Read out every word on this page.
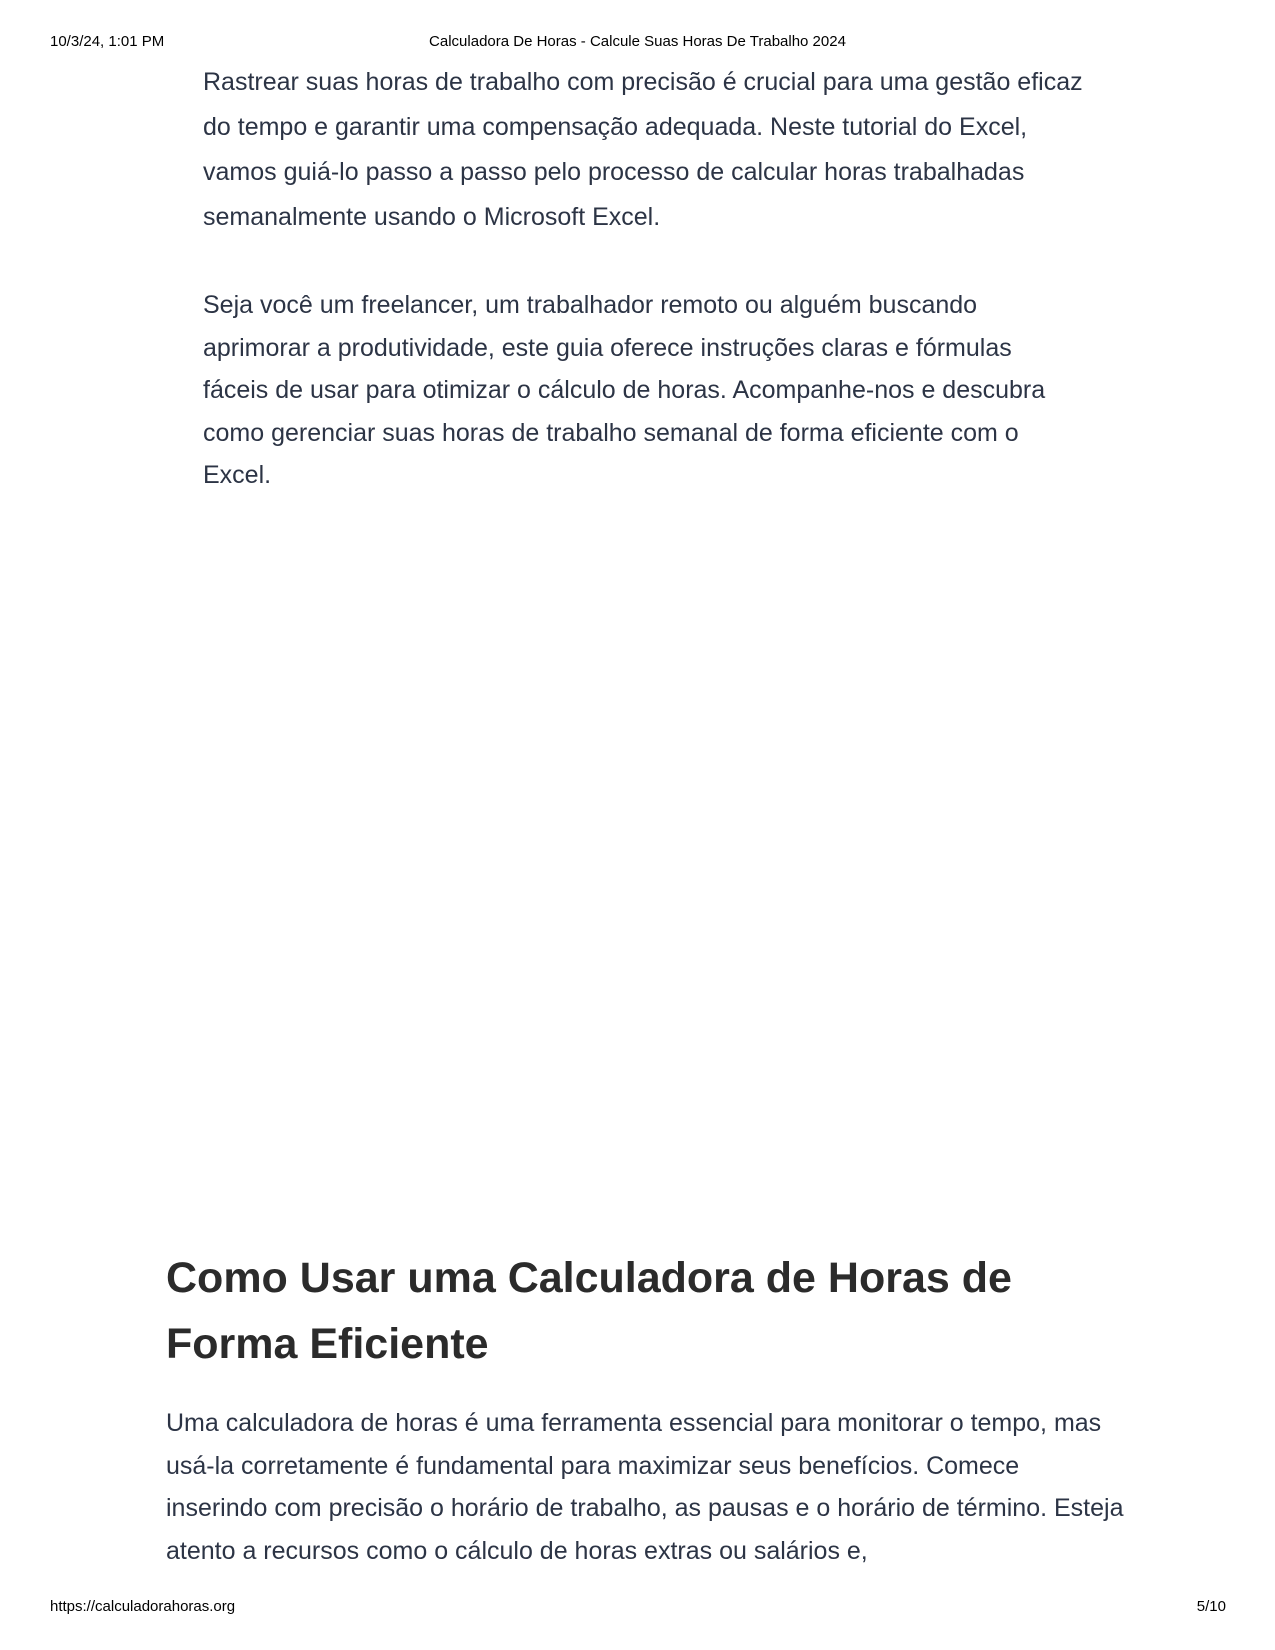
10/3/24, 1:01 PM	Calculadora De Horas - Calcule Suas Horas De Trabalho 2024

Rastrear suas horas de trabalho com precisão é crucial para uma gestão eficaz do tempo e garantir uma compensação adequada. Neste tutorial do Excel, vamos guiá-lo passo a passo pelo processo de calcular horas trabalhadas semanalmente usando o Microsoft Excel.

Seja você um freelancer, um trabalhador remoto ou alguém buscando aprimorar a produtividade, este guia oferece instruções claras e fórmulas fáceis de usar para otimizar o cálculo de horas. Acompanhe-nos e descubra como gerenciar suas horas de trabalho semanal de forma eficiente com o Excel.

Como Usar uma Calculadora de Horas de Forma Eficiente

Uma calculadora de horas é uma ferramenta essencial para monitorar o tempo, mas usá-la corretamente é fundamental para maximizar seus benefícios. Comece inserindo com precisão o horário de trabalho, as pausas e o horário de término. Esteja atento a recursos como o cálculo de horas extras ou salários e,

https://calculadorahoras.org	5/10
